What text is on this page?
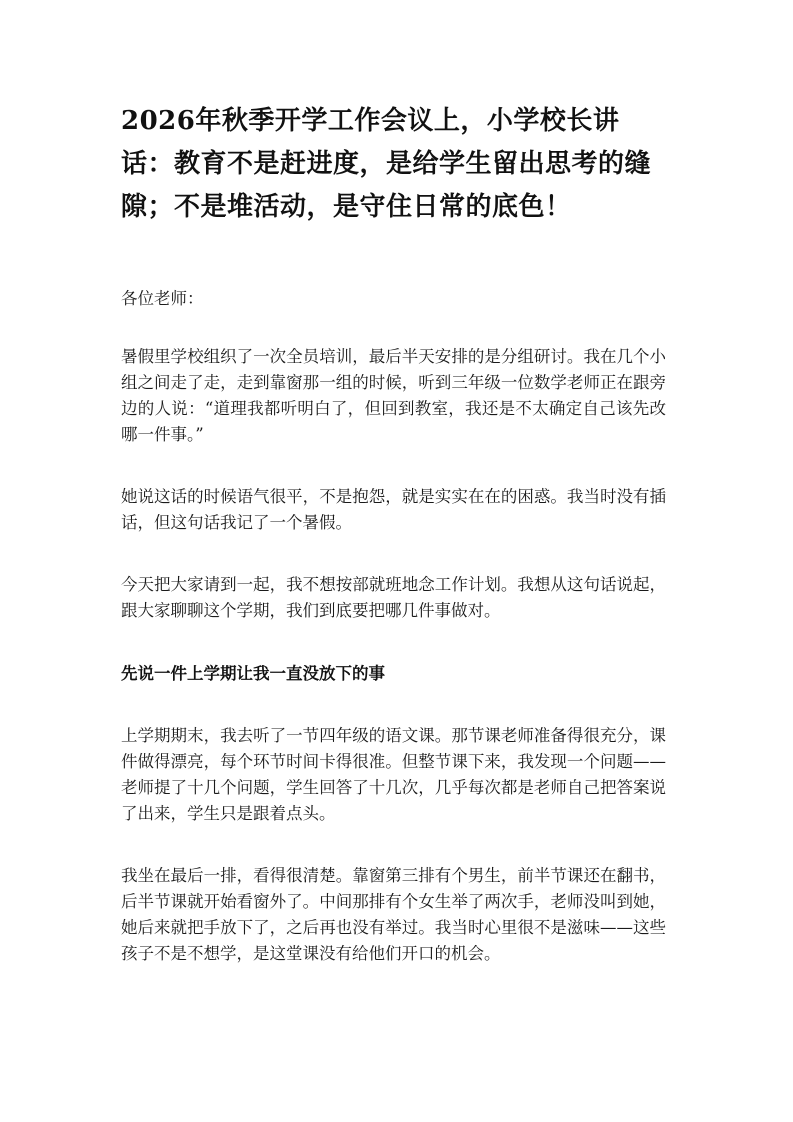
2026年秋季开学工作会议上，小学校长讲话：教育不是赶进度，是给学生留出思考的缝隙；不是堆活动，是守住日常的底色！

各位老师：

暑假里学校组织了一次全员培训，最后半天安排的是分组研讨。我在几个小组之间走了走，走到靠窗那一组的时候，听到三年级一位数学老师正在跟旁边的人说：“道理我都听明白了，但回到教室，我还是不太确定自己该先改哪一件事。”

她说这话的时候语气很平，不是抱怨，就是实实在在的困惑。我当时没有插话，但这句话我记了一个暑假。

今天把大家请到一起，我不想按部就班地念工作计划。我想从这句话说起，跟大家聊聊这个学期，我们到底要把哪几件事做对。

先说一件上学期让我一直没放下的事

上学期期末，我去听了一节四年级的语文课。那节课老师准备得很充分，课件做得漂亮，每个环节时间卡得很准。但整节课下来，我发现一个问题——老师提了十几个问题，学生回答了十几次，几乎每次都是老师自己把答案说了出来，学生只是跟着点头。

我坐在最后一排，看得很清楚。靠窗第三排有个男生，前半节课还在翻书，后半节课就开始看窗外了。中间那排有个女生举了两次手，老师没叫到她，她后来就把手放下了，之后再也没有举过。我当时心里很不是滋味——这些孩子不是不想学，是这堂课没有给他们开口的机会。
